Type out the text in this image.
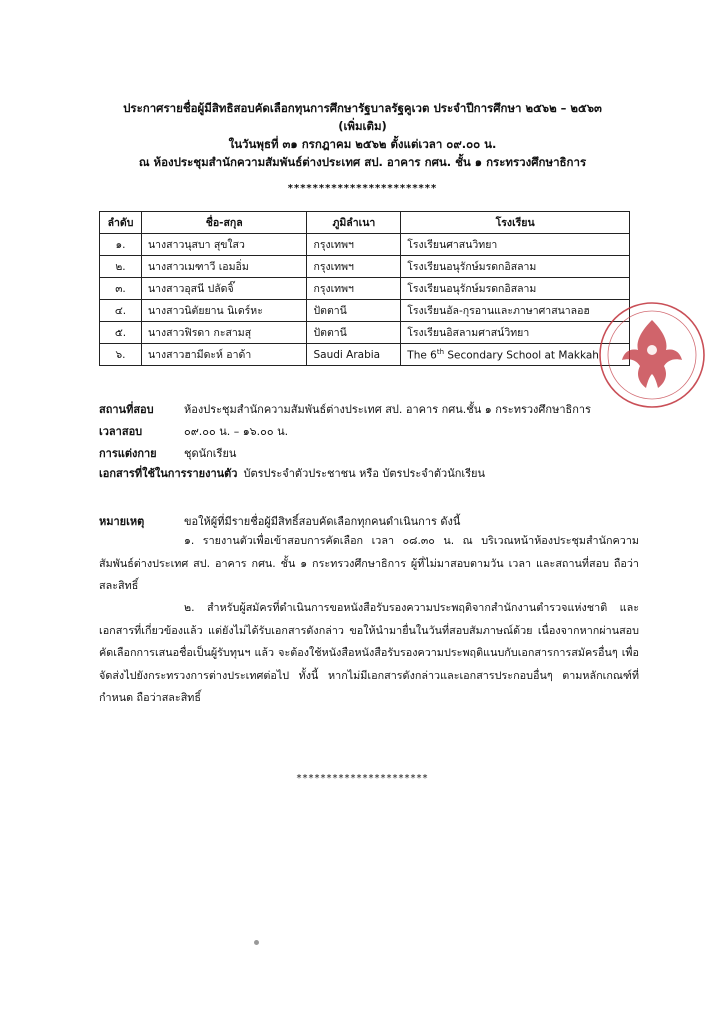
ประกาศรายชื่อผู้มีสิทธิสอบคัดเลือกทุนการศึกษารัฐบาลรัฐคูเวต ประจำปีการศึกษา ๒๕๖๒ – ๒๕๖๓
(เพิ่มเติม)
ในวันพุธที่ ๓๑ กรกฎาคม ๒๕๖๒ ตั้งแต่เวลา ๐๙.๐๐ น.
ณ ห้องประชุมสำนักความสัมพันธ์ต่างประเทศ สป. อาคาร กศน. ชั้น ๑ กระทรวงศึกษาธิการ
************************
ลำดับ	ชื่อ-สกุล	ภูมิลำเนา	โรงเรียน
๑.	นางสาวนุสบา สุขใสว	กรุงเทพฯ	โรงเรียนศาสนวิทยา
๒.	นางสาวเมฑาวี เอมอิ่ม	กรุงเทพฯ	โรงเรียนอนุรักษ์มรดกอิสลาม
๓.	นางสาวอุสนี ปลัดจิ๊	กรุงเทพฯ	โรงเรียนอนุรักษ์มรดกอิสลาม
๔.	นางสาวนิตัยยาน นิเดร์หะ	ปัตตานี	โรงเรียนอัล-กุรอานและภาษาศาสนาลอฮ
๕.	นางสาวฟิรดา กะสามสุ	ปัตตานี	โรงเรียนอิสลามศาสน์วิทยา
๖.	นางสาวฮามีดะห์ อาด้า	Saudi Arabia	The 6th Secondary School at Makkah
สถานที่สอบ	ห้องประชุมสำนักความสัมพันธ์ต่างประเทศ สป. อาคาร กศน.ชั้น ๑ กระทรวงศึกษาธิการ
เวลาสอบ	๐๙.๐๐ น. – ๑๖.๐๐ น.
การแต่งกาย ชุดนักเรียน
เอกสารที่ใช้ในการรายงานตัว บัตรประจำตัวประชาชน หรือ บัตรประจำตัวนักเรียน
หมายเหตุ	ขอให้ผู้ที่มีรายชื่อผู้มีสิทธิ์สอบคัดเลือกทุกคนดำเนินการ ดังนี้
๑. รายงานตัวเพื่อเข้าสอบการคัดเลือก เวลา ๐๘.๓๐ น. ณ บริเวณหน้าห้องประชุมสำนักความสัมพันธ์ต่างประเทศ สป. อาคาร กศน. ชั้น ๑ กระทรวงศึกษาธิการ ผู้ที่ไม่มาสอบตามวัน เวลา และสถานที่สอบ ถือว่าสละสิทธิ์
๒. สำหรับผู้สมัครที่ดำเนินการขอหนังสือรับรองความประพฤติจากสำนักงานตำรวจแห่งชาติ และเอกสารที่เกี่ยวข้องแล้ว แต่ยังไม่ได้รับเอกสารดังกล่าว ขอให้นำมายื่นในวันที่สอบสัมภาษณ์ด้วย เนื่องจากหากผ่านสอบคัดเลือกการเสนอชื่อเป็นผู้รับทุนฯ แล้ว จะต้องใช้หนังสือหนังสือรับรองความประพฤติแนบกับเอกสารการสมัครอื่นๆ เพื่อจัดส่งไปยังกระทรวงการต่างประเทศต่อไป ทั้งนี้ หากไม่มีเอกสารดังกล่าวและเอกสารประกอบอื่นๆ ตามหลักเกณฑ์ที่กำหนด ถือว่าสละสิทธิ์
**********************
